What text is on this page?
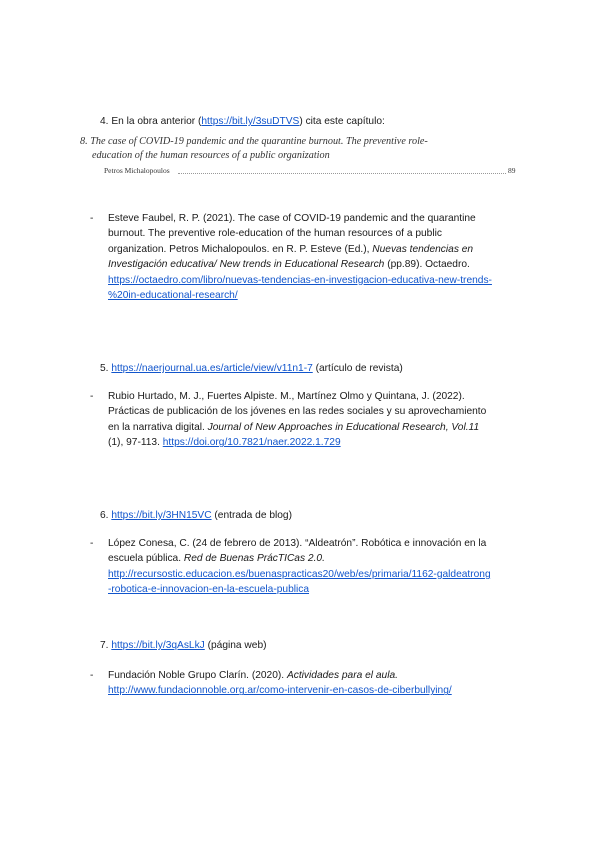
4. En la obra anterior (https://bit.ly/3suDTVS) cita este capítulo:
8. The case of COVID-19 pandemic and the quarantine burnout. The preventive role-
education of the human resources of a public organization
Petros Michalopoulos	89
- Esteve Faubel, R. P. (2021). The case of COVID-19 pandemic and the quarantine
burnout. The preventive role-education of the human resources of a public
organization. Petros Michalopoulos. en R. P. Esteve (Ed.), Nuevas tendencias en
Investigación educativa/ New trends in Educational Research (pp.89). Octaedro.
https://octaedro.com/libro/nuevas-tendencias-en-investigacion-educativa-new-trends-
%20in-educational-research/
5. https://naerjournal.ua.es/article/view/v11n1-7 (artículo de revista)
- Rubio Hurtado, M. J., Fuertes Alpiste. M., Martínez Olmo y Quintana, J. (2022).
Prácticas de publicación de los jóvenes en las redes sociales y su aprovechamiento
en la narrativa digital. Journal of New Approaches in Educational Research, Vol.11
(1), 97-113. https://doi.org/10.7821/naer.2022.1.729
6. https://bit.ly/3HN15VC (entrada de blog)
- López Conesa, C. (24 de febrero de 2013). “Aldeatrón”. Robótica e innovación en la
escuela pública. Red de Buenas PrácTICas 2.0.
http://recursostic.educacion.es/buenaspracticas20/web/es/primaria/1162-galdeatrong
-robotica-e-innovacion-en-la-escuela-publica
7. https://bit.ly/3qAsLkJ (página web)
- Fundación Noble Grupo Clarín. (2020). Actividades para el aula.
http://www.fundacionnoble.org.ar/como-intervenir-en-casos-de-ciberbullying/
